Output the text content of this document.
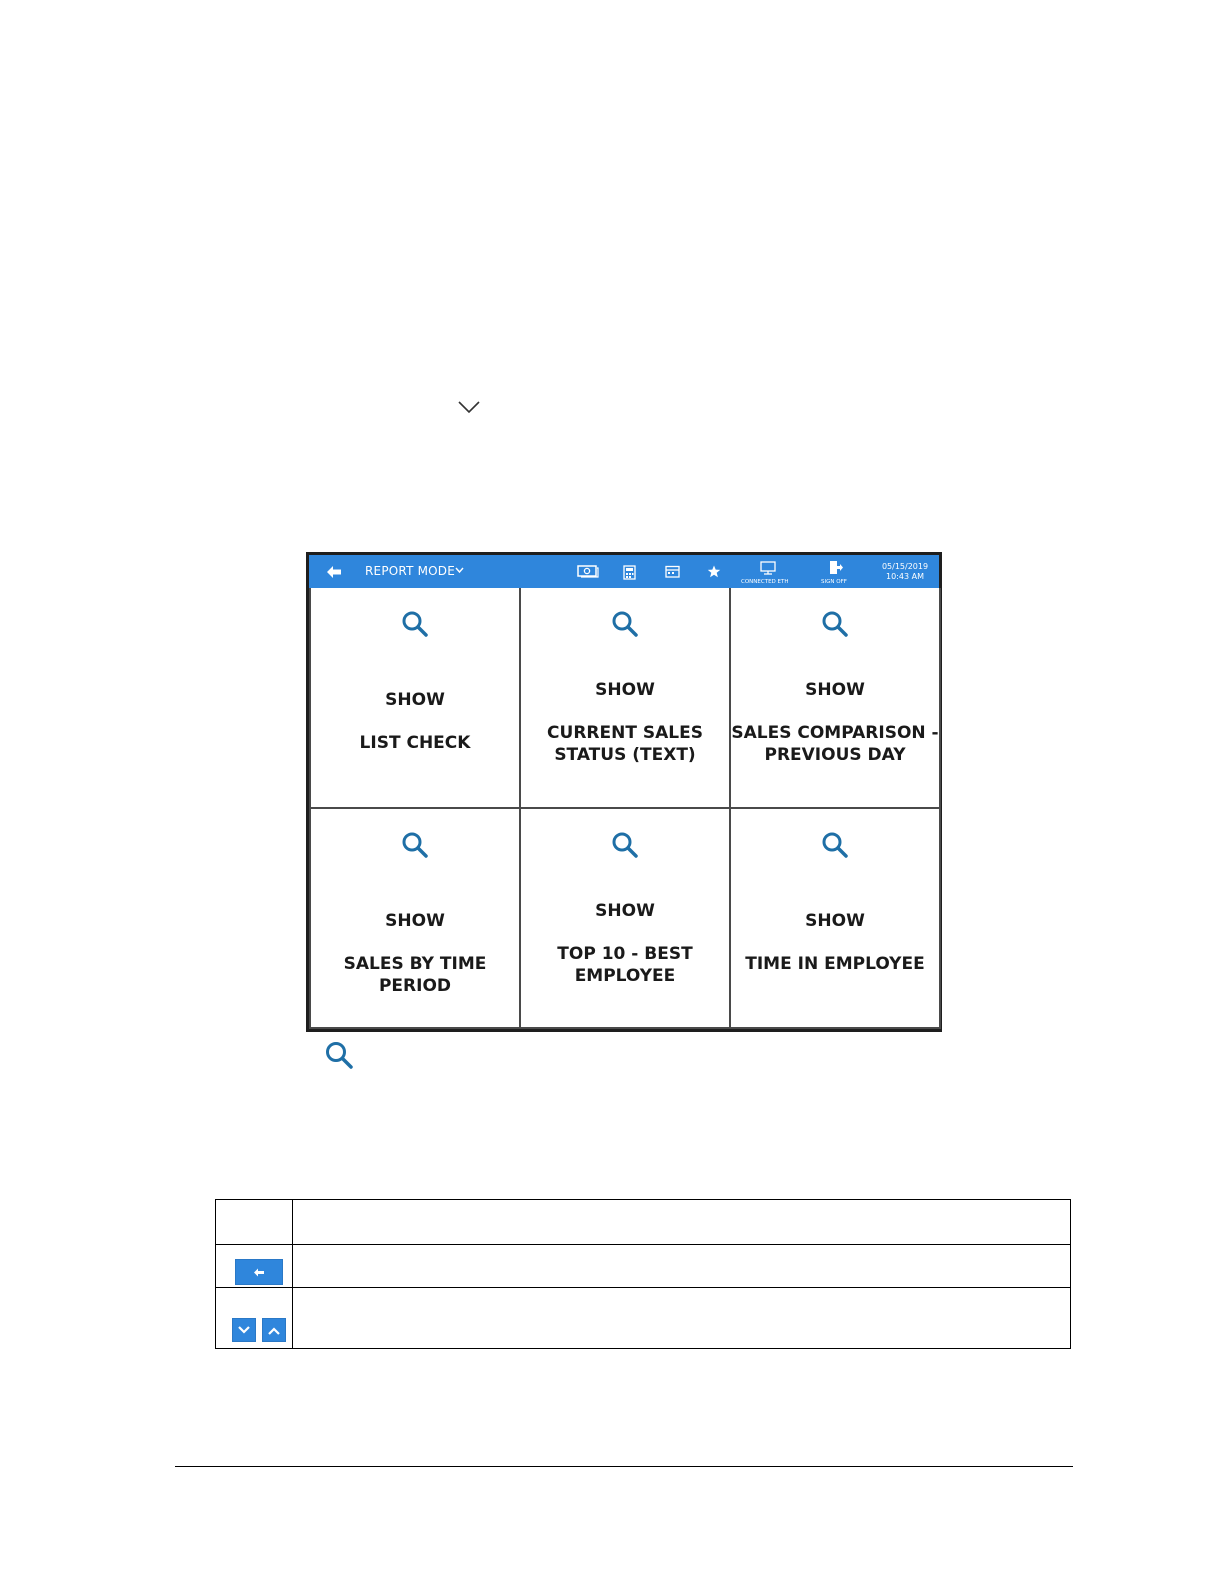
REPORT MODE
CONNECTED ETH	SIGN OFF
05/15/2019
10:43 AM
SHOW
LIST CHECK
SHOW
CURRENT SALES
STATUS (TEXT)
SHOW
SALES COMPARISON -
PREVIOUS DAY
SHOW
SALES BY TIME PERIOD
SHOW
TOP 10 - BEST
EMPLOYEE
SHOW
TIME IN EMPLOYEE
